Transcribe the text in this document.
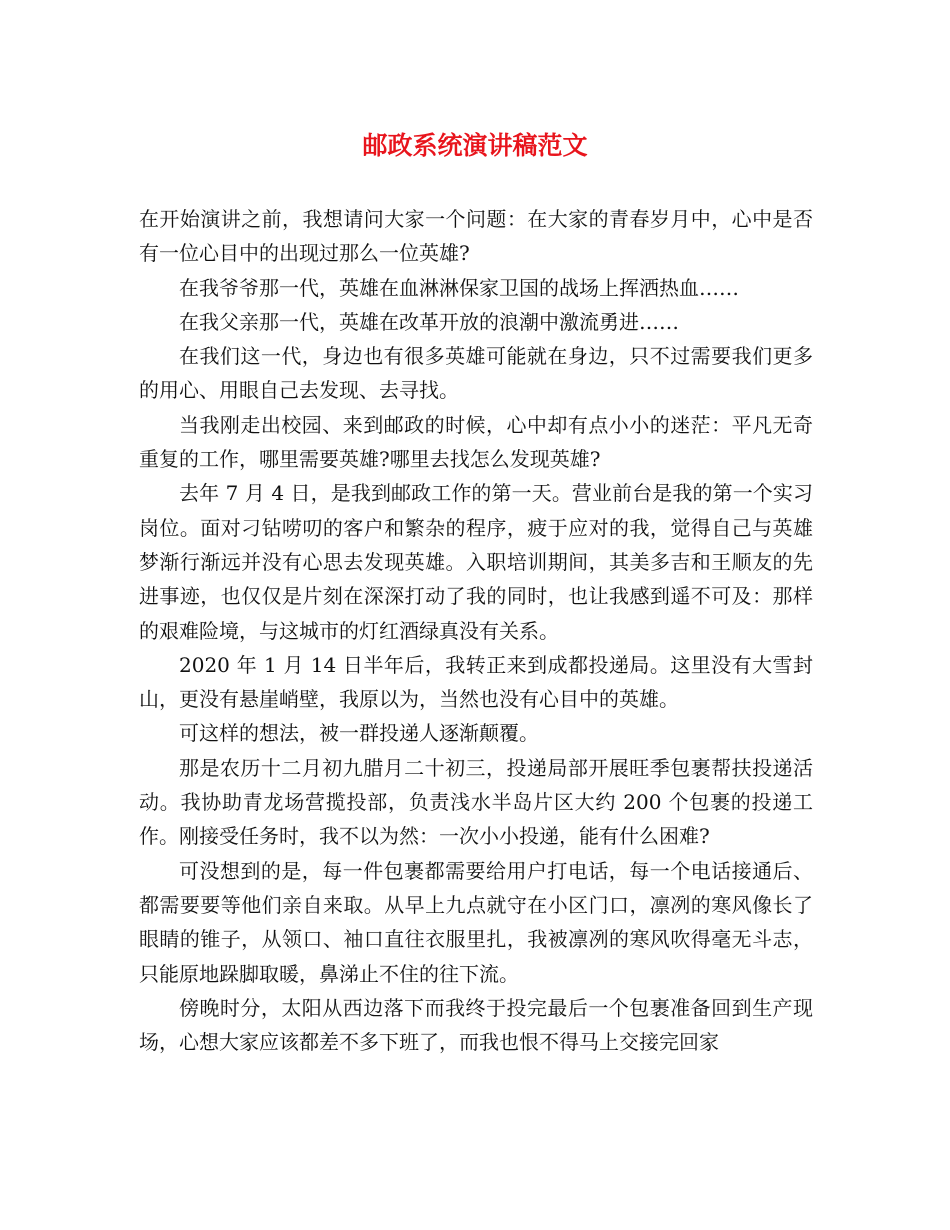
邮政系统演讲稿范文

在开始演讲之前，我想请问大家一个问题：在大家的青春岁月中，心中是否有一位心目中的出现过那么一位英雄?

在我爷爷那一代，英雄在血淋淋保家卫国的战场上挥洒热血……

在我父亲那一代，英雄在改革开放的浪潮中激流勇进……

在我们这一代，身边也有很多英雄可能就在身边，只不过需要我们更多的用心、用眼自己去发现、去寻找。

当我刚走出校园、来到邮政的时候，心中却有点小小的迷茫：平凡无奇重复的工作，哪里需要英雄?哪里去找怎么发现英雄?

去年 7 月 4 日，是我到邮政工作的第一天。营业前台是我的第一个实习岗位。面对刁钻唠叨的客户和繁杂的程序，疲于应对的我，觉得自己与英雄梦渐行渐远并没有心思去发现英雄。入职培训期间，其美多吉和王顺友的先进事迹，也仅仅是片刻在深深打动了我的同时，也让我感到遥不可及：那样的艰难险境，与这城市的灯红酒绿真没有关系。

2020 年 1 月 14 日半年后，我转正来到成都投递局。这里没有大雪封山，更没有悬崖峭壁，我原以为，当然也没有心目中的英雄。

可这样的想法，被一群投递人逐渐颠覆。

那是农历十二月初九腊月二十初三，投递局部开展旺季包裹帮扶投递活动。我协助青龙场营揽投部，负责浅水半岛片区大约 200 个包裹的投递工作。刚接受任务时，我不以为然：一次小小投递，能有什么困难?

可没想到的是，每一件包裹都需要给用户打电话，每一个电话接通后、都需要要等他们亲自来取。从早上九点就守在小区门口，凛冽的寒风像长了眼睛的锥子，从领口、袖口直往衣服里扎，我被凛冽的寒风吹得毫无斗志，只能原地跺脚取暖，鼻涕止不住的往下流。

傍晚时分，太阳从西边落下而我终于投完最后一个包裹准备回到生产现场，心想大家应该都差不多下班了，而我也恨不得马上交接完回家
